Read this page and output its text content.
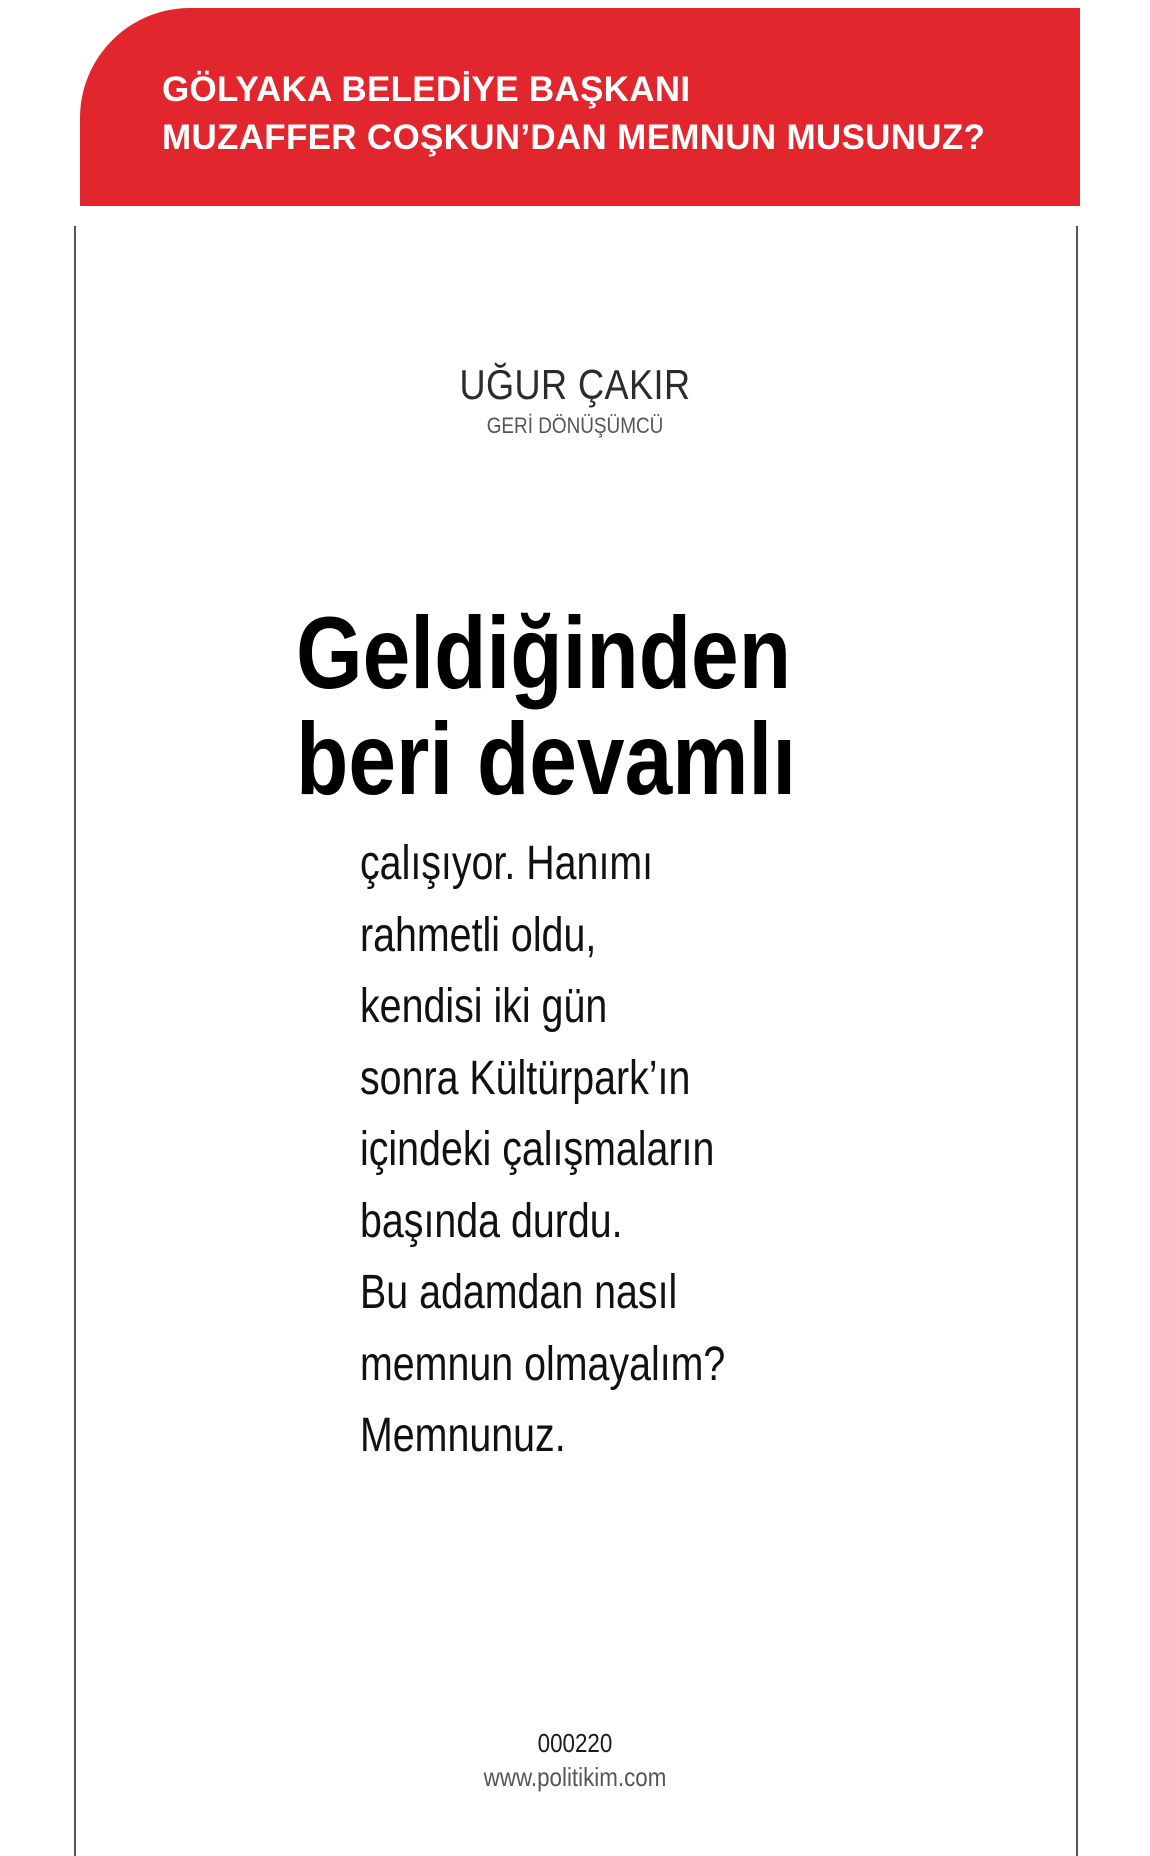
GÖLYAKA BELEDİYE BAŞKANI
MUZAFFER COŞKUN’DAN MEMNUN MUSUNUZ?
UĞUR ÇAKIR
GERİ DÖNÜŞÜMCÜ
Geldiğinden
beri devamlı
çalışıyor. Hanımı
rahmetli oldu,
kendisi iki gün
sonra Kültürpark’ın
içindeki çalışmaların
başında durdu.
Bu adamdan nasıl
memnun olmayalım?
Memnunuz.
000220
www.politikim.com
